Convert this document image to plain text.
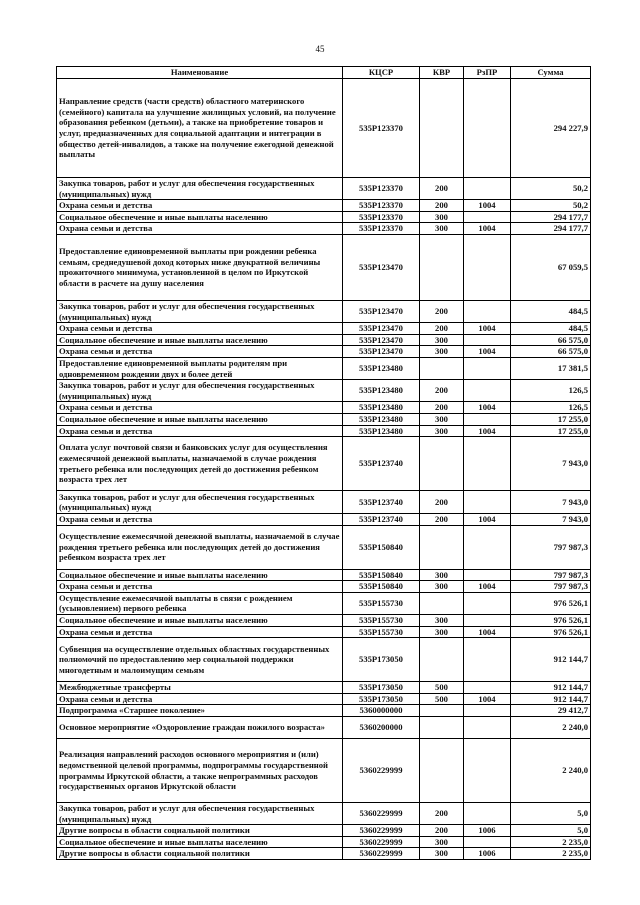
45
Наименование	КЦСР	КВР	РзПР	Сумма
Направление средств (части средств) областного материнского (семейного) капитала на улучшение жилищных условий, на получение образования ребенком (детьми), а также на приобретение товаров и услуг, предназначенных для социальной адаптации и интеграции в общество детей-инвалидов, а также на получение ежегодной денежной выплаты	535Р123370			294 227,9
Закупка товаров, работ и услуг для обеспечения государственных (муниципальных) нужд	535Р123370	200		50,2
Охрана семьи и детства	535Р123370	200	1004	50,2
Социальное обеспечение и иные выплаты населению	535Р123370	300		294 177,7
Охрана семьи и детства	535Р123370	300	1004	294 177,7
Предоставление единовременной выплаты при рождении ребенка семьям, среднедушевой доход которых ниже двукратной величины прожиточного минимума, установленной в целом по Иркутской области в расчете на душу населения	535Р123470			67 059,5
Закупка товаров, работ и услуг для обеспечения государственных (муниципальных) нужд	535Р123470	200		484,5
Охрана семьи и детства	535Р123470	200	1004	484,5
Социальное обеспечение и иные выплаты населению	535Р123470	300		66 575,0
Охрана семьи и детства	535Р123470	300	1004	66 575,0
Предоставление единовременной выплаты родителям при одновременном рождении двух и более детей	535Р123480			17 381,5
Закупка товаров, работ и услуг для обеспечения государственных (муниципальных) нужд	535Р123480	200		126,5
Охрана семьи и детства	535Р123480	200	1004	126,5
Социальное обеспечение и иные выплаты населению	535Р123480	300		17 255,0
Охрана семьи и детства	535Р123480	300	1004	17 255,0
Оплата услуг почтовой связи и банковских услуг для осуществления ежемесячной денежной выплаты, назначаемой в случае рождения третьего ребенка или последующих детей до достижения ребенком возраста трех лет	535Р123740			7 943,0
Закупка товаров, работ и услуг для обеспечения государственных (муниципальных) нужд	535Р123740	200		7 943,0
Охрана семьи и детства	535Р123740	200	1004	7 943,0
Осуществление ежемесячной денежной выплаты, назначаемой в случае рождения третьего ребенка или последующих детей до достижения ребенком возраста трех лет	535Р150840			797 987,3
Социальное обеспечение и иные выплаты населению	535Р150840	300		797 987,3
Охрана семьи и детства	535Р150840	300	1004	797 987,3
Осуществление ежемесячной выплаты в связи с рождением (усыновлением) первого ребенка	535Р155730			976 526,1
Социальное обеспечение и иные выплаты населению	535Р155730	300		976 526,1
Охрана семьи и детства	535Р155730	300	1004	976 526,1
Субвенция на осуществление отдельных областных государственных полномочий по предоставлению мер социальной поддержки многодетным и малоимущим семьям	535Р173050			912 144,7
Межбюджетные трансферты	535Р173050	500		912 144,7
Охрана семьи и детства	535Р173050	500	1004	912 144,7
Подпрограмма «Старшее поколение»	5360000000			29 412,7
Основное мероприятие «Оздоровление граждан пожилого возраста»	5360200000			2 240,0
Реализация направлений расходов основного мероприятия и (или) ведомственной целевой программы, подпрограммы государственной программы Иркутской области, а также непрограммных расходов государственных органов Иркутской области	5360229999			2 240,0
Закупка товаров, работ и услуг для обеспечения государственных (муниципальных) нужд	5360229999	200		5,0
Другие вопросы в области социальной политики	5360229999	200	1006	5,0
Социальное обеспечение и иные выплаты населению	5360229999	300		2 235,0
Другие вопросы в области социальной политики	5360229999	300	1006	2 235,0
